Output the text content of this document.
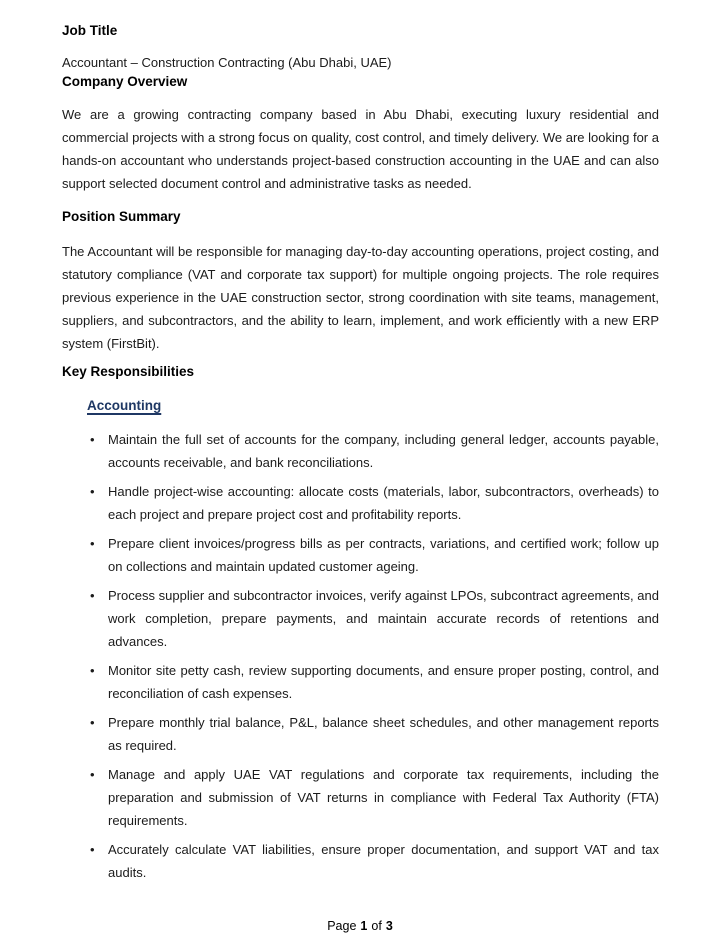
Job Title

Accountant – Construction Contracting (Abu Dhabi, UAE)

Company Overview

We are a growing contracting company based in Abu Dhabi, executing luxury residential and commercial projects with a strong focus on quality, cost control, and timely delivery. We are looking for a hands-on accountant who understands project-based construction accounting in the UAE and can also support selected document control and administrative tasks as needed.

Position Summary

The Accountant will be responsible for managing day-to-day accounting operations, project costing, and statutory compliance (VAT and corporate tax support) for multiple ongoing projects. The role requires previous experience in the UAE construction sector, strong coordination with site teams, management, suppliers, and subcontractors, and the ability to learn, implement, and work efficiently with a new ERP system (FirstBit).

Key Responsibilities

Accounting

• Maintain the full set of accounts for the company, including general ledger, accounts payable, accounts receivable, and bank reconciliations.
• Handle project-wise accounting: allocate costs (materials, labor, subcontractors, overheads) to each project and prepare project cost and profitability reports.
• Prepare client invoices/progress bills as per contracts, variations, and certified work; follow up on collections and maintain updated customer ageing.
• Process supplier and subcontractor invoices, verify against LPOs, subcontract agreements, and work completion, prepare payments, and maintain accurate records of retentions and advances.
• Monitor site petty cash, review supporting documents, and ensure proper posting, control, and reconciliation of cash expenses.
• Prepare monthly trial balance, P&L, balance sheet schedules, and other management reports as required.
• Manage and apply UAE VAT regulations and corporate tax requirements, including the preparation and submission of VAT returns in compliance with Federal Tax Authority (FTA) requirements.
• Accurately calculate VAT liabilities, ensure proper documentation, and support VAT and tax audits.
Page 1 of 3
